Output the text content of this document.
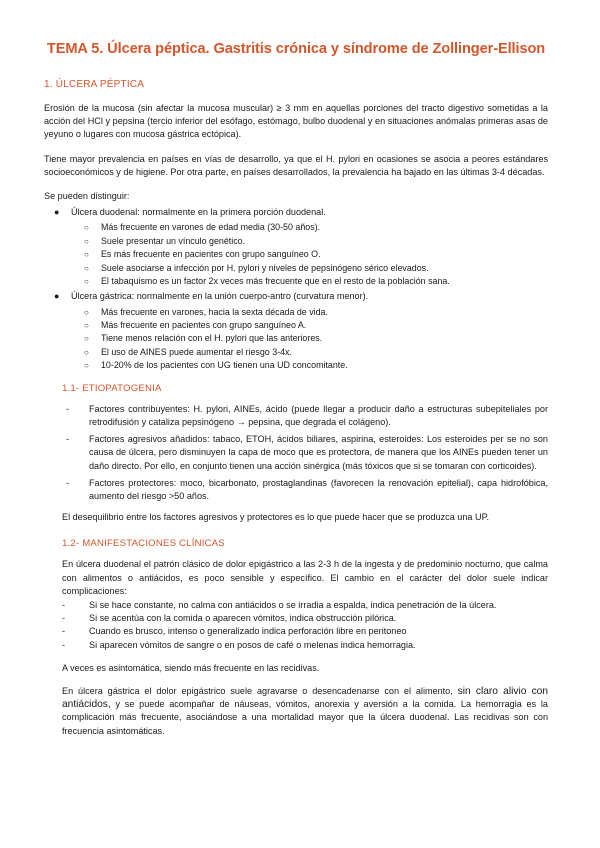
TEMA 5. Úlcera péptica. Gastritis crónica y síndrome de Zollinger-Ellison
1. ÚLCERA PÉPTICA

Erosión de la mucosa (sin afectar la mucosa muscular) ≥ 3 mm en aquellas porciones del tracto digestivo sometidas a la acción del HCl y pepsina (tercio inferior del esófago, estómago, bulbo duodenal y en situaciones anómalas primeras asas de yeyuno o lugares con mucosa gástrica ectópica).

Tiene mayor prevalencia en países en vías de desarrollo, ya que el H. pylori en ocasiones se asocia a peores estándares socioeconómicos y de higiene. Por otra parte, en países desarrollados, la prevalencia ha bajado en las últimas 3-4 décadas.

Se pueden distinguir:

● Úlcera duodenal: normalmente en la primera porción duodenal.
○ Más frecuente en varones de edad media (30-50 años).
○ Suele presentar un vínculo genético.
○ Es más frecuente en pacientes con grupo sanguíneo O.
○ Suele asociarse a infección por H. pylori y niveles de pepsinógeno sérico elevados.
○ El tabaquismo es un factor 2x veces más frecuente que en el resto de la población sana.
● Úlcera gástrica: normalmente en la unión cuerpo-antro (curvatura menor).
○ Más frecuente en varones, hacia la sexta década de vida.
○ Más frecuente en pacientes con grupo sanguíneo A.
○ Tiene menos relación con el H. pylori que las anteriores.
○ El uso de AINES puede aumentar el riesgo 3-4x.
○ 10-20% de los pacientes con UG tienen una UD concomitante.
1.1- ETIOPATOGENIA
- Factores contribuyentes: H. pylori, AINEs, ácido (puede llegar a producir daño a estructuras subepiteliales por retrodifusión y cataliza pepsinógeno → pepsina, que degrada el colágeno).
- Factores agresivos añadidos: tabaco, ETOH, ácidos biliares, aspirina, esteroides: Los esteroides per se no son causa de úlcera, pero disminuyen la capa de moco que es protectora, de manera que los AINEs pueden tener un daño directo. Por ello, en conjunto tienen una acción sinérgica (más tóxicos que si se tomaran con corticoides).
- Factores protectores: moco, bicarbonato, prostaglandinas (favorecen la renovación epitelial), capa hidrofóbica, aumento del riesgo >50 años.

El desequilibrio entre los factores agresivos y protectores es lo que puede hacer que se produzca una UP.

1.2- MANIFESTACIONES CLÍNICAS

En úlcera duodenal el patrón clásico de dolor epigástrico a las 2-3 h de la ingesta y de predominio nocturno, que calma con alimentos o antiácidos, es poco sensible y específico. El cambio en el carácter del dolor suele indicar complicaciones:

-	Si se hace constante, no calma con antiácidos o se irradia a espalda, indica penetración de la úlcera.
-	Si se acentúa con la comida o aparecen vómitos, indica obstrucción pilórica.
-	Cuando es brusco, intenso o generalizado indica perforación libre en peritoneo
-	Si aparecen vómitos de sangre o en posos de café o melenas indica hemorragia.

A veces es asintomática, siendo más frecuente en las recidivas.

En úlcera gástrica el dolor epigástrico suele agravarse o desencadenarse con el alimento, sin claro alivio con antiácidos, y se puede acompañar de náuseas, vómitos, anorexia y aversión a la comida. La hemorragia es la complicación más frecuente, asociándose a una mortalidad mayor que la úlcera duodenal. Las recidivas son con frecuencia asintomáticas.
